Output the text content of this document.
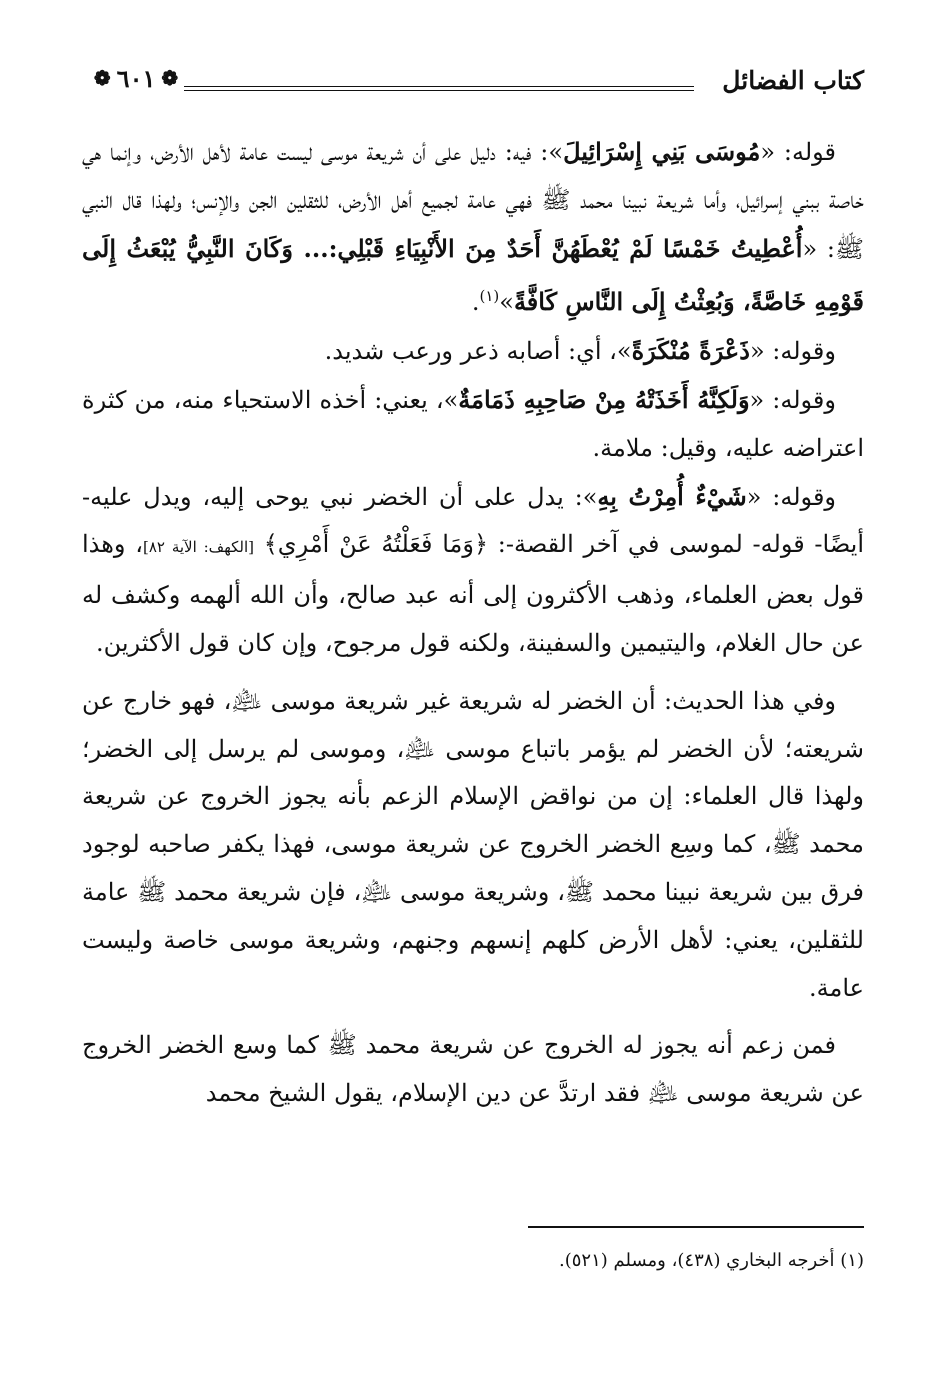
كتاب الفضائل
❁
٦٠١
❁

قوله: «مُوسَى بَنِي إِسْرَائِيلَ»: فيه: دليل على أن شريعة موسى ليست عامة لأهل الأرض، وإنما هي خاصة ببني إسرائيل، وأما شريعة نبينا محمد ﷺ فهي عامة لجميع أهل الأرض، للثقلين الجن والإنس؛ ولهذا قال النبي ﷺ: «أُعْطِيتُ خَمْسًا لَمْ يُعْطَهُنَّ أَحَدٌ مِنَ الأَنْبِيَاءِ قَبْلِي:... وَكَانَ النَّبِيُّ يُبْعَثُ إِلَى قَوْمِهِ خَاصَّةً، وَبُعِثْتُ إِلَى النَّاسِ كَافَّةً»$^{(١)}$.

وقوله: «ذَعْرَةً مُنْكَرَةً»، أي: أصابه ذعر ورعب شديد.

وقوله: «وَلَكِنَّهُ أَخَذَتْهُ مِنْ صَاحِبِهِ ذَمَامَةٌ»، يعني: أخذه الاستحياء منه، من كثرة اعتراضه عليه، وقيل: ملامة.

وقوله: «شَيْءٌ أُمِرْتُ بِهِ»: يدل على أن الخضر نبي يوحى إليه، ويدل عليه- أيضًا- قوله- لموسى في آخر القصة-: ﴿وَمَا فَعَلْتُهُ عَنْ أَمْرِي﴾ [الكهف: الآية ٨٢]، وهذا قول بعض العلماء، وذهب الأكثرون إلى أنه عبد صالح، وأن الله ألهمه وكشف له عن حال الغلام، واليتيمين والسفينة، ولكنه قول مرجوح، وإن كان قول الأكثرين.

وفي هذا الحديث: أن الخضر له شريعة غير شريعة موسى ﵇، فهو خارج عن شريعته؛ لأن الخضر لم يؤمر باتباع موسى ﵇، وموسى لم يرسل إلى الخضر؛ ولهذا قال العلماء: إن من نواقض الإسلام الزعم بأنه يجوز الخروج عن شريعة محمد ﷺ، كما وسِع الخضر الخروج عن شريعة موسى، فهذا يكفر صاحبه لوجود فرق بين شريعة نبينا محمد ﷺ، وشريعة موسى ﵇، فإن شريعة محمد ﷺ عامة للثقلين، يعني: لأهل الأرض كلهم إنسهم وجنهم، وشريعة موسى خاصة وليست عامة.

فمن زعم أنه يجوز له الخروج عن شريعة محمد ﷺ كما وسع الخضر الخروج عن شريعة موسى ﵇ فقد ارتدَّ عن دين الإسلام، يقول الشيخ محمد

(١) أخرجه البخاري (٤٣٨)، ومسلم (٥٢١).
